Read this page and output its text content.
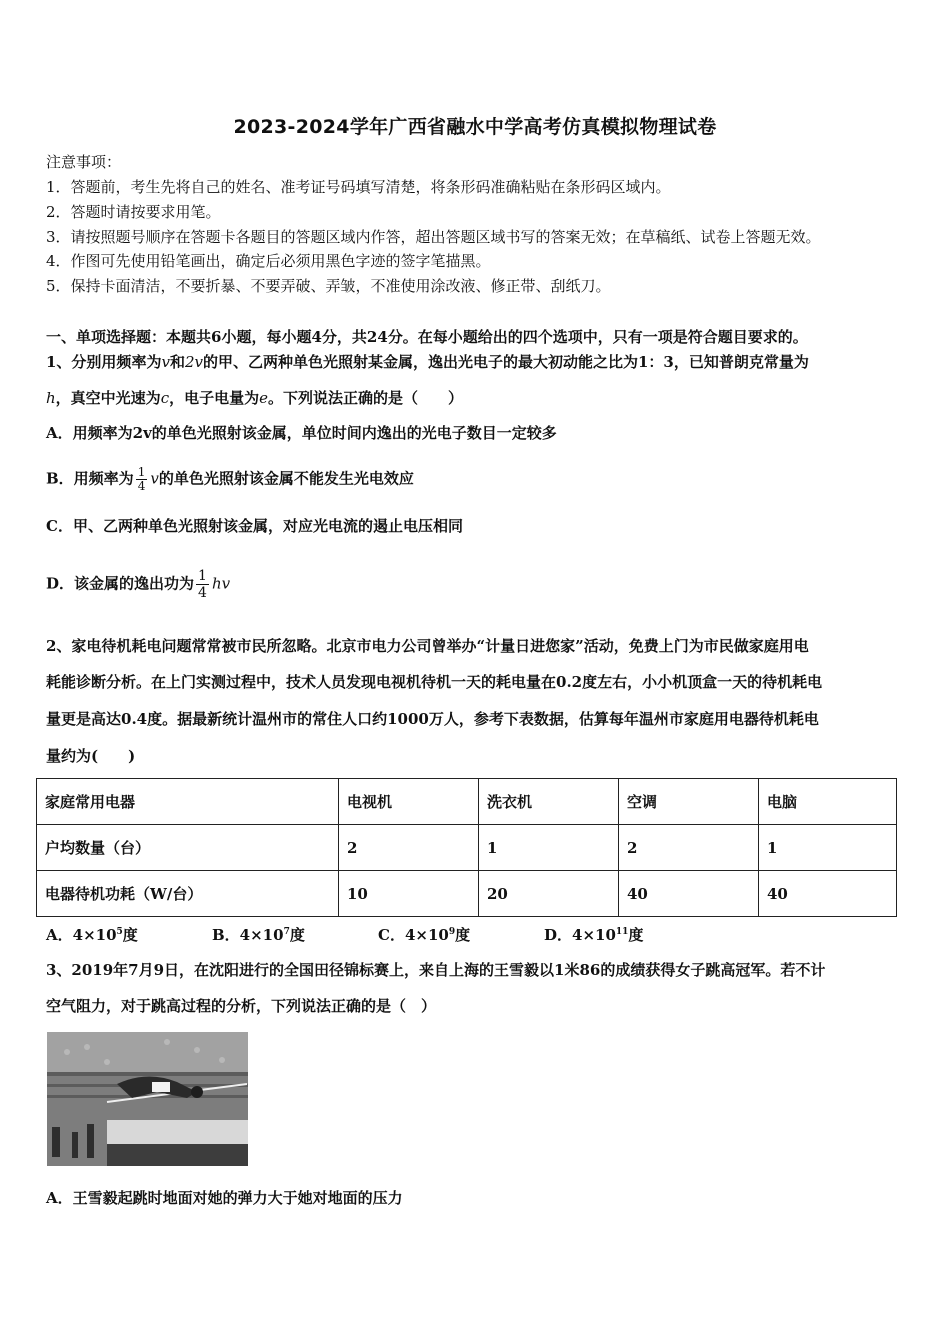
2023-2024学年广西省融水中学高考仿真模拟物理试卷
注意事项：
1．答题前，考生先将自己的姓名、准考证号码填写清楚，将条形码准确粘贴在条形码区域内。
2．答题时请按要求用笔。
3．请按照题号顺序在答题卡各题目的答题区域内作答，超出答题区域书写的答案无效；在草稿纸、试卷上答题无效。
4．作图可先使用铅笔画出，确定后必须用黑色字迹的签字笔描黑。
5．保持卡面清洁，不要折暴、不要弄破、弄皱，不准使用涂改液、修正带、刮纸刀。
一、单项选择题：本题共6小题，每小题4分，共24分。在每小题给出的四个选项中，只有一项是符合题目要求的。
1、分别用频率为v和2v的甲、乙两种单色光照射某金属，逸出光电子的最大初动能之比为1：3，已知普朗克常量为
h，真空中光速为c，电子电量为e。下列说法正确的是（　　）
A．用频率为2v的单色光照射该金属，单位时间内逸出的光电子数目一定较多
B．用频率为 $\frac{1}{4}$ v的单色光照射该金属不能发生光电效应
C．甲、乙两种单色光照射该金属，对应光电流的遏止电压相同
D．该金属的逸出功为 $\frac{1}{4}$ hv
2、家电待机耗电问题常常被市民所忽略。北京市电力公司曾举办“计量日进您家”活动，免费上门为市民做家庭用电
耗能诊断分析。在上门实测过程中，技术人员发现电视机待机一天的耗电量在0.2度左右，小小机顶盒一天的待机耗电
量更是高达0.4度。据最新统计温州市的常住人口约1000万人，参考下表数据，估算每年温州市家庭用电器待机耗电
量约为(　　)
家庭常用电器	电视机	洗衣机	空调	电脑
户均数量（台）	2	1	2	1
电器待机功耗（W/台）	10	20	40	40
A．$4\times 10^5$度	B．$4\times 10^7$度	C．$4\times 10^9$度	D．$4\times 10^{11}$度
3、2019年7月9日，在沈阳进行的全国田径锦标赛上，来自上海的王雪毅以1米86的成绩获得女子跳高冠军。若不计
空气阻力，对于跳高过程的分析，下列说法正确的是（　）
A．王雪毅起跳时地面对她的弹力大于她对地面的压力
